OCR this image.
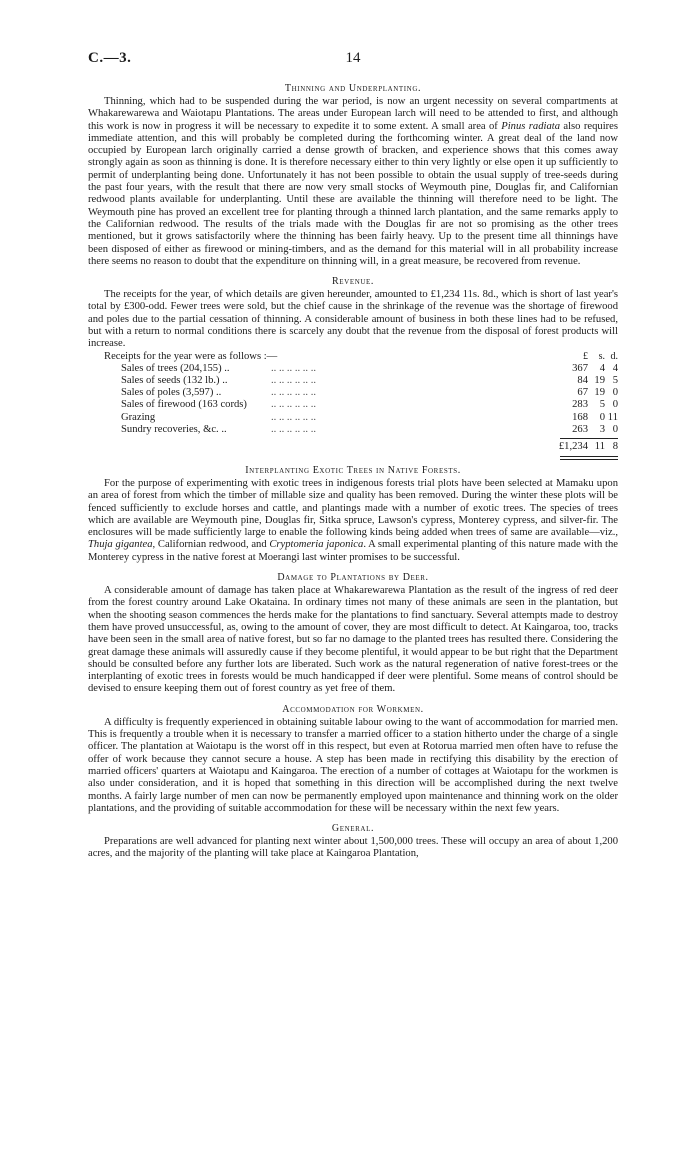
C.—3.	14
Thinning and Underplanting.

Thinning, which had to be suspended during the war period, is now an urgent necessity on several compartments at Whakarewarewa and Waiotapu Plantations. The areas under European larch will need to be attended to first, and although this work is now in progress it will be necessary to expedite it to some extent. A small area of Pinus radiata also requires immediate attention, and this will probably be completed during the forthcoming winter. A great deal of the land now occupied by European larch originally carried a dense growth of bracken, and experience shows that this comes away strongly again as soon as thinning is done. It is therefore necessary either to thin very lightly or else open it up sufficiently to permit of underplanting being done. Unfortunately it has not been possible to obtain the usual supply of tree-seeds during the past four years, with the result that there are now very small stocks of Weymouth pine, Douglas fir, and Californian redwood plants available for underplanting. Until these are available the thinning will therefore need to be light. The Weymouth pine has proved an excellent tree for planting through a thinned larch plantation, and the same remarks apply to the Californian redwood. The results of the trials made with the Douglas fir are not so promising as the other trees mentioned, but it grows satisfactorily where the thinning has been fairly heavy. Up to the present time all thinnings have been disposed of either as firewood or mining-timbers, and as the demand for this material will in all probability increase there seems no reason to doubt that the expenditure on thinning will, in a great measure, be recovered from revenue.

Revenue.

The receipts for the year, of which details are given hereunder, amounted to £1,234 11s. 8d., which is short of last year's total by £300-odd. Fewer trees were sold, but the chief cause in the shrinkage of the revenue was the shortage of firewood and poles due to the partial cessation of thinning. A considerable amount of business in both these lines had to be refused, but with a return to normal conditions there is scarcely any doubt that the revenue from the disposal of forest products will increase.

Receipts for the year were as follows :—	£	s. d.
Sales of trees (204,155) ..	.. .. .. .. .. ..	367	4 4
Sales of seeds (132 lb.) ..	.. .. .. .. .. ..	84 19 5
Sales of poles (3,597) ..	.. .. .. .. .. ..	67 19 0
Sales of firewood (163 cords) .. .. .. .. .. ..	283	5 0
Grazing	.. .. .. .. .. ..	168	0 11
Sundry recoveries, &c. ..	.. .. .. .. .. ..	263	3 0
£1,234 11 8
Interplanting Exotic Trees in Native Forests.

For the purpose of experimenting with exotic trees in indigenous forests trial plots have been selected at Mamaku upon an area of forest from which the timber of millable size and quality has been removed. During the winter these plots will be fenced sufficiently to exclude horses and cattle, and plantings made with a number of exotic trees. The species of trees which are available are Weymouth pine, Douglas fir, Sitka spruce, Lawson's cypress, Monterey cypress, and silver-fir. The enclosures will be made sufficiently large to enable the following kinds being added when trees of same are available—viz., Thuja gigantea, Californian redwood, and Cryptomeria japonica. A small experimental planting of this nature made with the Monterey cypress in the native forest at Moerangi last winter promises to be successful.

Damage to Plantations by Deer.

A considerable amount of damage has taken place at Whakarewarewa Plantation as the result of the ingress of red deer from the forest country around Lake Okataina. In ordinary times not many of these animals are seen in the plantation, but when the shooting season commences the herds make for the plantations to find sanctuary. Several attempts made to destroy them have proved unsuccessful, as, owing to the amount of cover, they are most difficult to detect. At Kaingaroa, too, tracks have been seen in the small area of native forest, but so far no damage to the planted trees has resulted there. Considering the great damage these animals will assuredly cause if they become plentiful, it would appear to be but right that the Department should be consulted before any further lots are liberated. Such work as the natural regeneration of native forest-trees or the interplanting of exotic trees in forests would be much handicapped if deer were plentiful. Some means of control should be devised to ensure keeping them out of forest country as yet free of them.

Accommodation for Workmen.

A difficulty is frequently experienced in obtaining suitable labour owing to the want of accommodation for married men. This is frequently a trouble when it is necessary to transfer a married officer to a station hitherto under the charge of a single officer. The plantation at Waiotapu is the worst off in this respect, but even at Rotorua married men often have to refuse the offer of work because they cannot secure a house. A step has been made in rectifying this disability by the erection of married officers' quarters at Waiotapu and Kaingaroa. The erection of a number of cottages at Waiotapu for the workmen is also under consideration, and it is hoped that something in this direction will be accomplished during the next twelve months. A fairly large number of men can now be permanently employed upon maintenance and thinning work on the older plantations, and the providing of suitable accommodation for these will be necessary within the next few years.

General.

Preparations are well advanced for planting next winter about 1,500,000 trees. These will occupy an area of about 1,200 acres, and the majority of the planting will take place at Kaingaroa Plantation,
